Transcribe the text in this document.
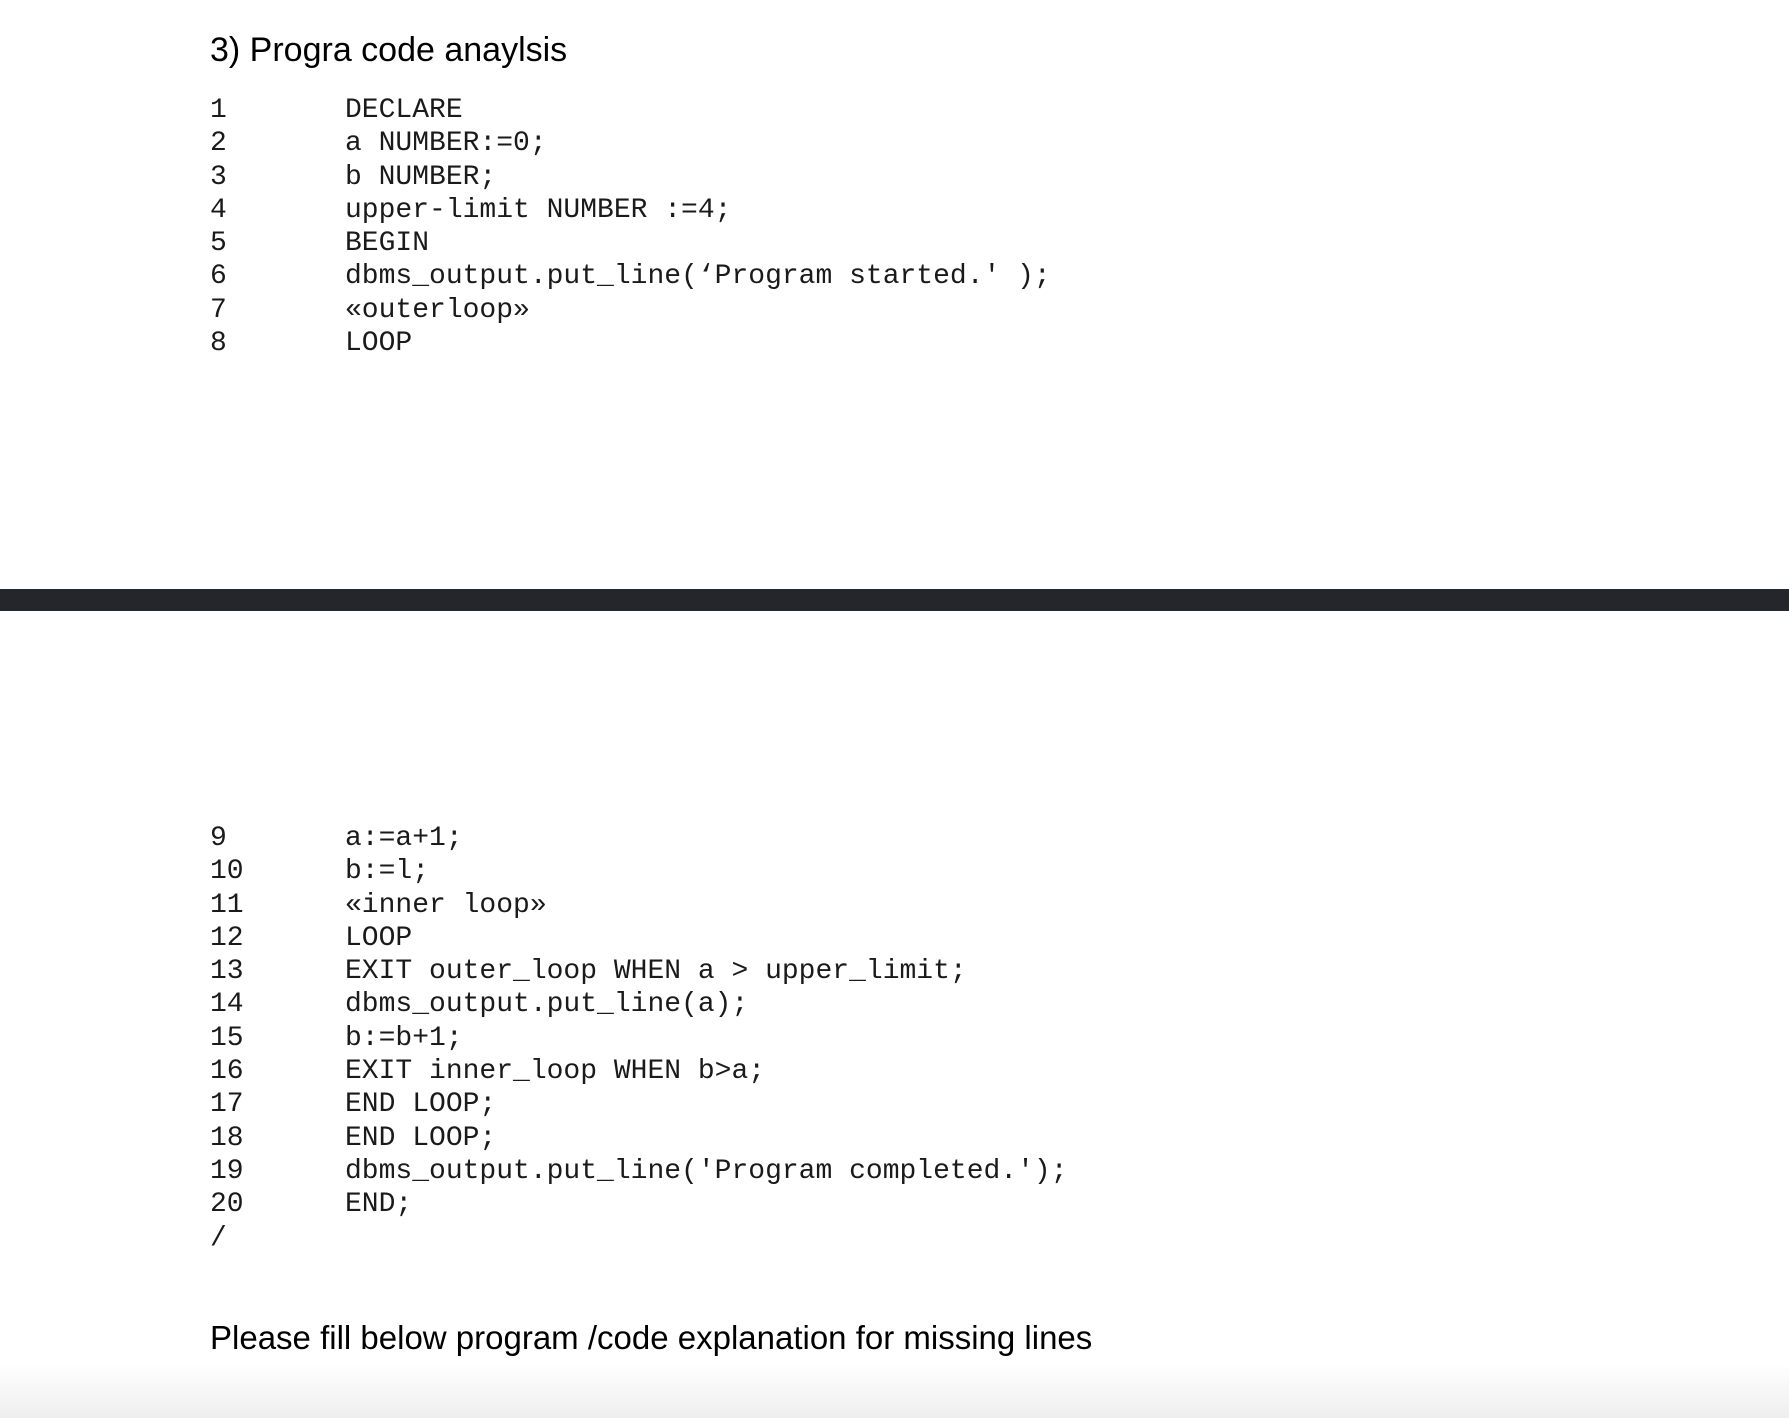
3) Progra code anaylsis
1	DECLARE
2	a NUMBER:=0;
3	b NUMBER;
4	upper-limit NUMBER :=4;
5	BEGIN
6	dbms_output.put_line(‘Program started.' );
7	«outerloop»
8	LOOP
9	a:=a+1;
10	b:=l;
11	«inner loop»
12	LOOP
13	EXIT outer_loop WHEN a > upper_limit;
14	dbms_output.put_line(a);
15	b:=b+1;
16	EXIT inner_loop WHEN b>a;
17	END LOOP;
18	END LOOP;
19	dbms_output.put_line('Program completed.');
20	END;
/
Please fill below program /code explanation for missing lines
